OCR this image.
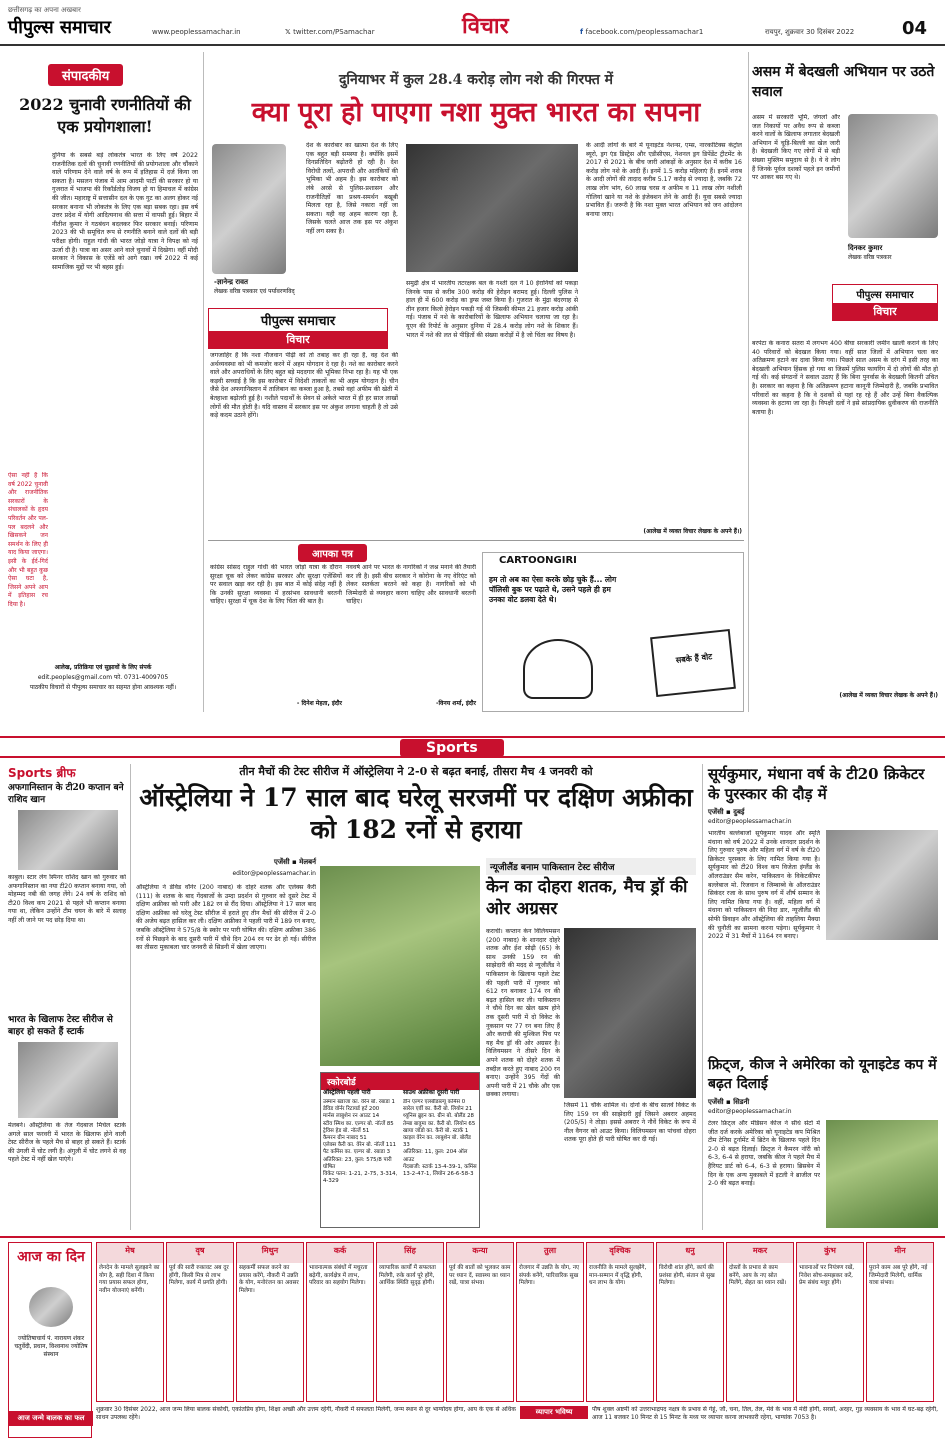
छत्तीसगढ़ का अपना अखबार
पीपुल्स समाचार	www.peoplessamachar.in	𝕏 twitter.com/PSamachar	विचार	f facebook.com/peoplessamachar1	रायपुर, शुक्रवार 30 दिसंबर 2022	04
संपादकीय
2022 चुनावी रणनीतियों की एक प्रयोगशाला!
दुनिया के सबसे बड़े लोकतंत्र भारत के लिए वर्ष 2022 राजनीतिक दलों की चुनावी रणनीतियों की प्रयोगशाला और चौंकाने वाले परिणाम देने वाले वर्ष के रूप में इतिहास में दर्ज किया जा सकता है। मसलन पंजाब में आम आदमी पार्टी की सरकार हो या गुजरात में भाजपा की रिकॉर्डतोड़ विजय हो या हिमाचल में कांग्रेस की जीत। महाराष्ट्र में सत्तासीन दल के एक गुट का अलग होकर नई सरकार बनाना भी लोकतंत्र के लिए एक बड़ा सबक रहा। इस वर्ष उत्तर प्रदेश में योगी आदित्यनाथ की सत्ता में वापसी हुई। बिहार में नीतीश कुमार ने गठबंधन बदलकर फिर सरकार बनाई। परिणाम 2023 की भी समूचित रूप से रणनीति बनाने वाले दलों की बड़ी परीक्षा होगी। राहुल गांधी की भारत जोड़ो यात्रा ने विपक्ष को नई ऊर्जा दी है। यात्रा का असर आने वाले चुनावों में दिखेगा। वहीं मोदी सरकार ने विकास के एजेंडे को आगे रखा। वर्ष 2022 में कई सामाजिक मुद्दों पर भी बहस हुई।
ऐसा नहीं है कि वर्ष 2022 चुनावी और राजनीतिक सरकारों के संचालकों के हृदय परिवर्तन और पल-पल बदलने और खिसकने जन समर्थन के लिए ही याद किया जाएगा। इसी के ईर्द-गिर्द और भी बहुत कुछ ऐसा घटा है, जिसने अपने आप में इतिहास रच दिया है।
आलेख, प्रतिक्रिया एवं सुझावों के लिए संपर्क
edit.peoples@gmail.com फो. 0731-4009705
पाठकीय विचारों से पीपुल्स समाचार का सहमत होना आवश्यक नहीं।
दुनियाभर में कुल 28.4 करोड़ लोग नशे की गिरफ्त में
क्या पूरा हो पाएगा नशा मुक्त भारत का सपना
-ज्ञानेन्द्र रावत
लेखक वरिष्ठ पत्रकार एवं पर्यावरणविद्
देश के कारोबार का खात्मा देश के लिए एक बहुत बड़ी समस्या है। क्योंकि इसमें दिनप्रतिदिन बढ़ोतरी हो रही है। देश विरोधी तत्वों, अपराधी और आतंकियों की भूमिका भी अहम है। इस कारोबार को लंबे अरसे से पुलिस-प्रशासन और राजनीतिज्ञों का प्रश्रय-समर्थन बखूबी मिलता रहा है, जिसे नकारा नहीं जा सकता। यही वह अहम कारण रहा है, जिसके चलते आज तक इस पर अंकुश नहीं लग सका है।
पीपुल्स समाचार
विचार
जगजाहिर है कि नशा नौजवान पीढ़ी को तो तबाह कर ही रहा है, वह देश की अर्थव्यवस्था को भी कमजोर करने में अहम योगदान दे रहा है। नशे का कारोबार करने वाले और अपराधियों के लिए बहुत बड़े मददगार की भूमिका निभा रहा है। यह भी एक कड़वी सच्चाई है कि इस कारोबार में विदेशी ताकतों का भी अहम योगदान है। चीन जैसे देश अफगानिस्तान में तालिबान का कब्जा हुआ है, तबसे वहां अफीम की खेती में बेतहाशा बढ़ोतरी हुई है। नशीले पदार्थों के सेवन से अकेले भारत में ही हर साल लाखों लोगों की मौत होती है। यदि वास्तव में सरकार इस पर अंकुश लगाना चाहती है तो उसे कड़े कदम उठाने होंगे।
समुद्री क्षेत्र में भारतीय तटरक्षक बल के गश्ती दल ने 10 ईरानियों को पकड़ा जिनके पास से करीब 300 करोड़ की हेरोइन बरामद हुई। दिल्ली पुलिस ने हाल ही में 600 करोड़ का ड्रग्स जब्त किया है। गुजरात के मुंद्रा बंदरगाह से तीन हजार किलो हेरोइन पकड़ी गई थी जिसकी कीमत 21 हजार करोड़ आंकी गई। पंजाब में नशे के कारोबारियों के खिलाफ अभियान चलाया जा रहा है। यूएन की रिपोर्ट के अनुसार दुनिया में 28.4 करोड़ लोग नशे के शिकार हैं। भारत में नशे की लत से पीड़ितों की संख्या करोड़ों में है जो चिंता का विषय है।
के आदी लोगों के बारे में यूनाइटेड नेशन्स, एम्स, नारकोटिक्स कंट्रोल ब्यूरो, ड्रग एंड डिस्ट्रेस और एडीसीएस, नेशनल ड्रग डिपेंडेंट ट्रीटमेंट के 2017 से 2021 के बीच जारी आंकड़ों के अनुसार देश में करीब 16 करोड़ लोग नशे के आदी हैं। इनमें 1.5 करोड़ महिलाएं हैं। इनमें शराब के आदी लोगों की तादाद करीब 5.17 करोड़ से ज्यादा है, जबकि 72 लाख लोग भांग, 60 लाख चरस व अफीम व 11 लाख लोग नशीली गोलियां खाने या नशे के इंजेक्शन लेने के आदी हैं। युवा सबसे ज्यादा प्रभावित हैं। जरूरी है कि नशा मुक्त भारत अभियान को जन आंदोलन बनाया जाए।
(आलेख में व्यक्त विचार लेखक के अपने हैं।)
आपका पत्र
कांग्रेस सांसद राहुल गांधी की भारत जोड़ो यात्रा के दौरान सुरक्षा चूक को लेकर कांग्रेस सरकार और सुरक्षा एजेंसियों पर सवाल खड़ा कर रही है। इस बात में कोई संदेह नहीं है कि उनकी सुरक्षा व्यवस्था में हरसंभव सावधानी बरतनी चाहिए। सुरक्षा में चूक देश के लिए चिंता की बात है।
- दिनेश मेहता, इंदौर
नववर्ष आने पर भारत के नागरिकों ने जश्न मनाने की तैयारी कर ली है। इसी बीच सरकार ने कोरोना के नए वेरिएंट को लेकर सतर्कता बरतने को कहा है। नागरिकों को भी जिम्मेदारी से व्यवहार करना चाहिए और सावधानी बरतनी चाहिए।
-विनय शर्मा, इंदौर
CARTOONGIRI
हम तो अब का ऐसा करके छोड़ चुके हैं... लोग पॉलिसी बुक पर पढ़ाते थे, उसने पहले ही हम उनका वोट डलवा देते थे।
सबके हैं वोट
असम में बेदखली अभियान पर उठते सवाल
असम में सरकारी भूमि, जंगलों और जल निकायों पर अवैध रूप से कब्जा करने वालों के खिलाफ लगातार बेदखली अभियान में चूड़ि-बिल्ली का खेल जारी है। बेदखली किए गए लोगों में से बड़ी संख्या मुस्लिम समुदाय से है। ये वे लोग हैं जिनके पूर्वज दशकों पहले इन जमीनों पर आकर बस गए थे।
दिनकर कुमार
लेखक वरिष्ठ पत्रकार
पीपुल्स समाचार
विचार
बरपेटा के कनारा सतरा में लगभग 400 बीघा सरकारी जमीन खाली कराने के लिए 40 परिवारों को बेदखल किया गया। वहीं सात जिलों में अभियान चला कर अतिक्रमण हटाने का दावा किया गया। पिछले साल असम के दरंग में इसी तरह का बेदखली अभियान हिंसक हो गया था जिसमें पुलिस फायरिंग में दो लोगों की मौत हो गई थी। कई संगठनों ने सवाल उठाए हैं कि बिना पुनर्वास के बेदखली कितनी उचित है। सरकार का कहना है कि अतिक्रमण हटाना कानूनी जिम्मेदारी है, जबकि प्रभावित परिवारों का कहना है कि वे दशकों से यहां रह रहे हैं और उन्हें बिना वैकल्पिक व्यवस्था के हटाया जा रहा है। विपक्षी दलों ने इसे सांप्रदायिक ध्रुवीकरण की राजनीति बताया है।
(आलेख में व्यक्त विचार लेखक के अपने हैं।)
Sports
Sports ब्रीफ
अफगानिस्तान के टी20 कप्तान बने राशिद खान
काबुल। स्टार लेग स्पिनर राशिद खान को गुरुवार को अफगानिस्तान का नया टी20 कप्तान बनाया गया, जो मोहम्मद नबी की जगह लेंगे। 24 वर्ष के राशिद को टी20 विश्व कप 2021 से पहले भी कप्तान बनाया गया था, लेकिन उन्होंने टीम चयन के बारे में सलाह नहीं ली जाने पर पद छोड़ दिया था।
भारत के खिलाफ टेस्ट सीरीज से बाहर हो सकते हैं स्टार्क
मेलबर्न। ऑस्ट्रेलिया के तेज गेंदबाज मिचेल स्टार्क अगले साल फरवरी में भारत के खिलाफ होने वाली टेस्ट सीरीज के पहले मैच से बाहर हो सकते हैं। स्टार्क की उंगली में चोट लगी है। अंगुली में चोट लगने से वह पहले टेस्ट में नहीं खेल पाएंगे।
तीन मैचों की टेस्ट सीरीज में ऑस्ट्रेलिया ने 2-0 से बढ़त बनाई, तीसरा मैच 4 जनवरी को
ऑस्ट्रेलिया ने 17 साल बाद घरेलू सरजमीं पर दक्षिण अफ्रीका को 182 रनों से हराया
एजेंसी ▪ मेलबर्न
editor@peoplessamachar.in
ऑस्ट्रेलिया ने डेविड वॉर्नर (200 नाबाद) के दोहरे शतक और एलेक्स कैरी (111) के शतक के बाद गेंदबाजों के उम्दा प्रदर्शन से गुरुवार को दूसरे टेस्ट में दक्षिण अफ्रीका को पारी और 182 रन से रौंद दिया। ऑस्ट्रेलिया ने 17 साल बाद दक्षिण अफ्रीका को घरेलू टेस्ट सीरीज में हराते हुए तीन मैचों की सीरीज में 2-0 की अजेय बढ़त हासिल कर ली। दक्षिण अफ्रीका ने पहली पारी में 189 रन बनाए, जबकि ऑस्ट्रेलिया ने 575/8 के स्कोर पर पारी घोषित की। दक्षिण अफ्रीका 386 रनों से पिछड़ने के बाद दूसरी पारी में चौथे दिन 204 रन पर ढेर हो गई। सीरीज का तीसरा मुकाबला चार जनवरी से सिडनी में खेला जाएगा।
न्यूजीलैंड बनाम पाकिस्तान टेस्ट सीरीज
केन का दोहरा शतक, मैच ड्रॉ की ओर अग्रसर
कराची। कप्तान केन विलियमसन (200 नाबाद) के शानदार दोहरे शतक और ईश सोढ़ी (65) के साथ उनकी 159 रन की साझेदारी की मदद से न्यूजीलैंड ने पाकिस्तान के खिलाफ पहले टेस्ट की पहली पारी में गुरुवार को 612 रन बनाकर 174 रन की बढ़त हासिल कर ली। पाकिस्तान ने चौथे दिन का खेल खत्म होने तक दूसरी पारी में दो विकेट के नुकसान पर 77 रन बना लिए हैं और कराची की मुश्किल पिच पर यह मैच ड्रॉ की ओर अग्रसर है। विलियमसन ने तीसरे दिन के अपने शतक को दोहरे शतक में तब्दील करते हुए नाबाद 200 रन बनाए। उन्होंने 395 गेंदों की अपनी पारी में 21 चौके और एक छक्का लगाया।
जिसमें 11 चौके शामिल थे। दोनों के बीच सातवें विकेट के लिए 159 रन की साझेदारी हुई जिसने अबरार अहमद (205/5) ने तोड़ा। इससे अबरार ने नौवें विकेट के रूप में नील वैगनर को आउट किया। विलियमसन का पांचवां दोहरा शतक पूरा होते ही पारी घोषित कर दी गई।
स्कोरबोर्ड
ऑस्ट्रेलिया पहली पारी
उस्मान ख्वाजा का. वेरेन बो. रबाडा 1
डेविड वॉर्नर रिटायर्ड हर्ट 200
मार्नस लाबुशेन रन आउट 14
स्टीव स्मिथ का. एल्गर बो. नॉर्त्जे 85
ट्रेविस हेड बो. नॉर्त्जे 51
कैमरन ग्रीन नाबाद 51
एलेक्स कैरी का. वेरेन बो. नॉर्त्जे 111
पैट कमिंस का. एल्गर बो. रबाडा 3
अतिरिक्त: 23, कुल: 575/8 पारी घोषित
विकेट पतन: 1-21, 2-75, 3-314, 4-329
साउथ अफ्रीका दूसरी पारी
डीन एल्गर एलबीडब्ल्यू कमिंस 0
सारेल एर्वी का. कैरी बो. लियोन 21
थ्यूनिस ब्रुइन का. ग्रीन बो. बोलैंड 28
तेम्बा बावुमा का. कैरी बो. लियोन 65
खाया जोंडो का. कैरी बो. स्टार्क 1
काइल वेरेन का. लाबुशेन बो. बोलैंड 33
अतिरिक्त: 11, कुल: 204 ऑल आउट
गेंदबाजी: स्टार्क 13-4-39-1, कमिंस 13-2-47-1, लियोन 26-6-58-3
सूर्यकुमार, मंधाना वर्ष के टी20 क्रिकेटर के पुरस्कार की दौड़ में
एजेंसी ▪ दुबई
editor@peoplessamachar.in
भारतीय बल्लेबाजों सूर्यकुमार यादव और स्मृति मंधाना को वर्ष 2022 में उनके शानदार प्रदर्शन के लिए गुरुवार पुरुष और महिला वर्ग में वर्ष के टी20 क्रिकेटर पुरस्कार के लिए नामित किया गया है। सूर्यकुमार को टी20 विश्व कप विजेता इंग्लैंड के ऑलराउंडर सैम करेन, पाकिस्तान के विकेटकीपर बल्लेबाज मो. रिजवान व जिम्बाब्वे के ऑलराउंडर सिकंदर रजा के साथ पुरुष वर्ग में शीर्ष सम्मान के लिए नामित किया गया है। वहीं, महिला वर्ग में मंधाना को पाकिस्तान की निदा डार, न्यूजीलैंड की सोफी डिवाइन और ऑस्ट्रेलिया की ताहलिया मैक्ग्रा की चुनौती का सामना करना पड़ेगा। सूर्यकुमार ने 2022 में 31 मैचों में 1164 रन बनाए।
फ्रिट्ज, कीज ने अमेरिका को यूनाइटेड कप में बढ़त दिलाई
एजेंसी ▪ सिडनी
editor@peoplessamachar.in
टेलर फ्रिट्ज और मेडिसन कीज ने सीधे सेटों में जीत दर्ज करके अमेरिका को यूनाइटेड कप मिश्रित टीम टेनिस टूर्नामेंट में ब्रिटेन के खिलाफ पहले दिन 2-0 से बढ़त दिलाई। फ्रिट्ज ने कैमरन नॉरी को 6-3, 6-4 से हराया, जबकि कीज ने पहले मैच में हैरियट डार्ट को 6-4, 6-3 से हराया। ब्रिसबेन में दिन के एक अन्य मुकाबले में इटली ने ब्राजील पर 2-0 की बढ़त बनाई।
आज का दिन
ज्योतिषाचार्य पं. नारायण शंकर चतुर्वेदी, प्रधान, विश्वनाथ ज्योतिष संस्थान
आज जन्मे बालक का फल
मेष
लेनदेन के मामले सुलझाने का योग है, सही दिशा में किया गया प्रयास सफल होगा, नवीन योजनाएं बनेंगी।
वृष
पूर्व की सारी रुकावट अब दूर होंगी, किसी मित्र से लाभ मिलेगा, कार्य में प्रगति होगी।
मिथुन
सहकर्मी सफल करने का प्रयास करेंगे, नौकरी में उन्नति के योग, मनोरंजन का अवसर मिलेगा।
कर्क
भावनात्मक संबंधों में मधुरता बढ़ेगी, कार्यक्षेत्र में लाभ, परिवार का सहयोग मिलेगा।
सिंह
व्यापारिक कार्यों में सफलता मिलेगी, रुके कार्य पूरे होंगे, आर्थिक स्थिति सुदृढ़ होगी।
कन्या
पूर्व की बातों को भूलकर काम पर ध्यान दें, स्वास्थ्य का ध्यान रखें, यात्रा संभव।
तुला
रोजगार में उन्नति के योग, नए संपर्क बनेंगे, पारिवारिक सुख मिलेगा।
वृश्चिक
राजनीति के मामले सुलझेंगे, मान-सम्मान में वृद्धि होगी, धन लाभ के योग।
धनु
विरोधी शांत होंगे, कार्य की प्रशंसा होगी, संतान से सुख मिलेगा।
मकर
दोस्तों के प्रभाव से काम बनेंगे, आय के नए स्रोत मिलेंगे, सेहत का ध्यान रखें।
कुंभ
भावनाओं पर नियंत्रण रखें, निवेश सोच-समझकर करें, प्रेम संबंध मधुर होंगे।
मीन
पुराने काम अब पूरे होंगे, नई जिम्मेदारी मिलेगी, धार्मिक यात्रा संभव।
शुक्रवार 30 दिसंबर 2022, आज जन्म लिया बालक संकोची, एकांतप्रिय होगा, शिक्षा अच्छी और उत्तम रहेगी, नौकरी में सफलता मिलेगी, जन्म स्थान से दूर भाग्योदय होगा, आय के एक से अधिक साधन उपलब्ध रहेंगे।
व्यापार भविष्य	पौष शुक्ल अष्टमी को उत्तराभाद्रपद नक्षत्र के प्रभाव से गेहूं, जौ, चना, तिल, तेल, मेवे के भाव में मंदी होगी, सरसों, अरहर, गुड़ व्यवसाय के भाव में घट-बढ़ रहेगी, आज 11 बजकर 10 मिनट से 15 मिनट के मध्य पर व्यापार करना लाभकारी रहेगा, भाग्यांक 7053 है।
